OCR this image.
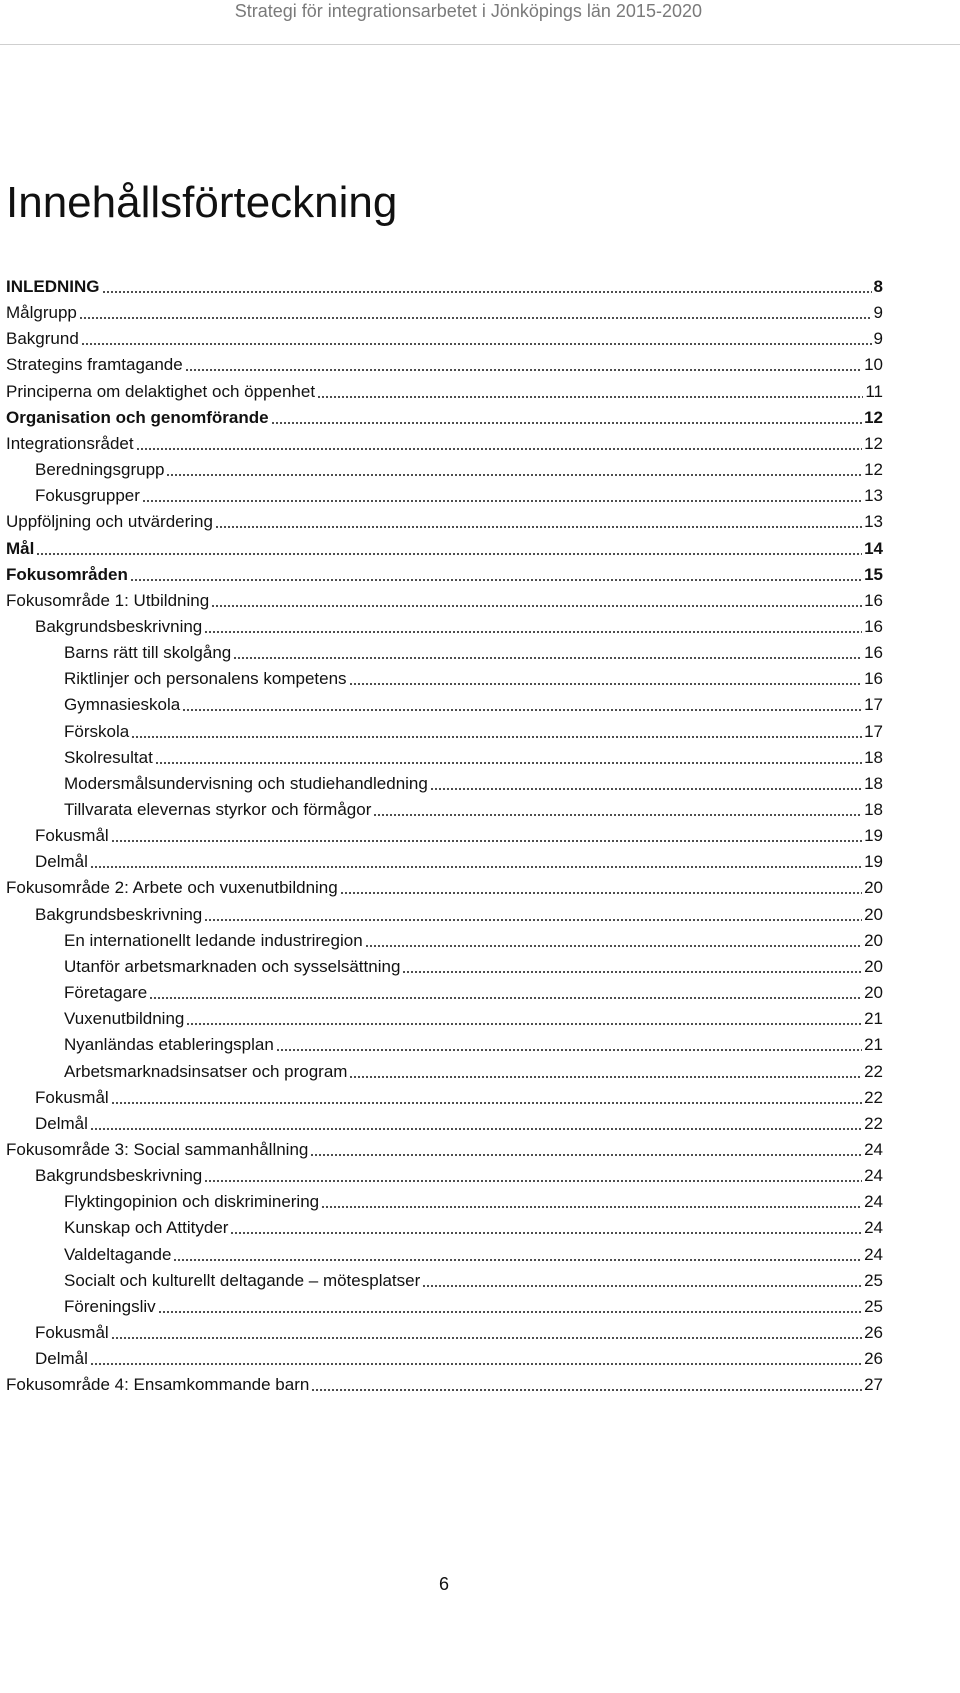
Strategi för integrationsarbetet i Jönköpings län 2015-2020
Innehållsförteckning
INLEDNING	8
Målgrupp	9
Bakgrund	9
Strategins framtagande	10
Principerna om delaktighet och öppenhet	11
Organisation och genomförande	12
Integrationsrådet	12
Beredningsgrupp	12
Fokusgrupper	13
Uppföljning och utvärdering	13
Mål	14
Fokusområden	15
Fokusområde 1: Utbildning	16
Bakgrundsbeskrivning	16
Barns rätt till skolgång	16
Riktlinjer och personalens kompetens	16
Gymnasieskola	17
Förskola	17
Skolresultat	18
Modersmålsundervisning och studiehandledning	18
Tillvarata elevernas styrkor och förmågor	18
Fokusmål	19
Delmål	19
Fokusområde 2: Arbete och vuxenutbildning	20
Bakgrundsbeskrivning	20
En internationellt ledande industriregion	20
Utanför arbetsmarknaden och sysselsättning	20
Företagare	20
Vuxenutbildning	21
Nyanländas etableringsplan	21
Arbetsmarknadsinsatser och program	22
Fokusmål	22
Delmål	22
Fokusområde 3: Social sammanhållning	24
Bakgrundsbeskrivning	24
Flyktingopinion och diskriminering	24
Kunskap och Attityder	24
Valdeltagande	24
Socialt och kulturellt deltagande – mötesplatser	25
Föreningsliv	25
Fokusmål	26
Delmål	26
Fokusområde 4: Ensamkommande barn	27
6
